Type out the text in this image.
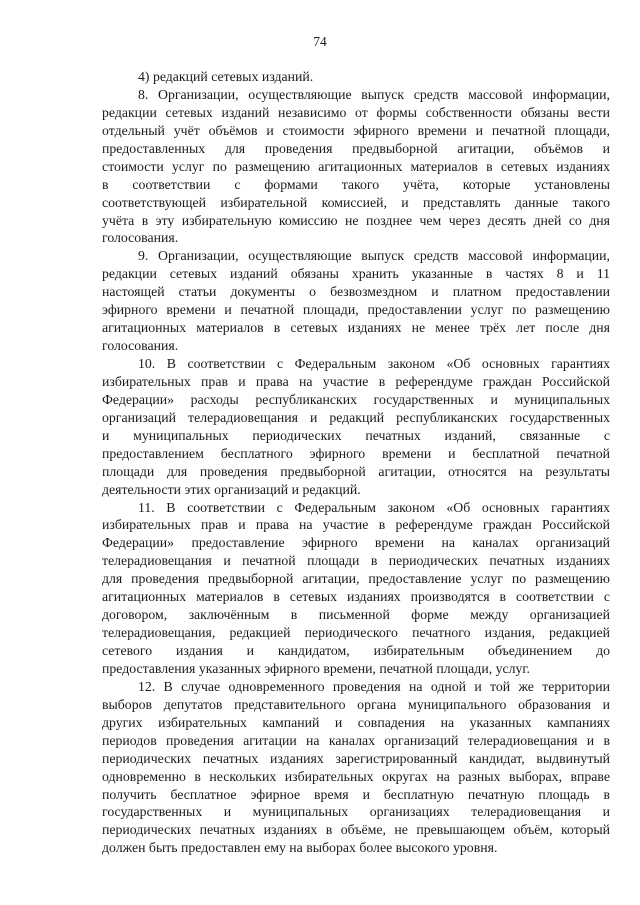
74
4) редакций сетевых изданий.
8. Организации, осуществляющие выпуск средств массовой информации,
редакции сетевых изданий независимо от формы собственности обязаны вести
отдельный учёт объёмов и стоимости эфирного времени и печатной площади,
предоставленных для проведения предвыборной агитации, объёмов и
стоимости услуг по размещению агитационных материалов в сетевых изданиях
в соответствии с формами такого учёта, которые установлены
соответствующей избирательной комиссией, и представлять данные такого
учёта в эту избирательную комиссию не позднее чем через десять дней со дня
голосования.
9. Организации, осуществляющие выпуск средств массовой информации,
редакции сетевых изданий обязаны хранить указанные в частях 8 и 11
настоящей статьи документы о безвозмездном и платном предоставлении
эфирного времени и печатной площади, предоставлении услуг по размещению
агитационных материалов в сетевых изданиях не менее трёх лет после дня
голосования.
10. В соответствии с Федеральным законом «Об основных гарантиях
избирательных прав и права на участие в референдуме граждан Российской
Федерации» расходы республиканских государственных и муниципальных
организаций телерадиовещания и редакций республиканских государственных
и муниципальных периодических печатных изданий, связанные с
предоставлением бесплатного эфирного времени и бесплатной печатной
площади для проведения предвыборной агитации, относятся на результаты
деятельности этих организаций и редакций.
11. В соответствии с Федеральным законом «Об основных гарантиях
избирательных прав и права на участие в референдуме граждан Российской
Федерации» предоставление эфирного времени на каналах организаций
телерадиовещания и печатной площади в периодических печатных изданиях
для проведения предвыборной агитации, предоставление услуг по размещению
агитационных материалов в сетевых изданиях производятся в соответствии с
договором, заключённым в письменной форме между организацией
телерадиовещания, редакцией периодического печатного издания, редакцией
сетевого издания и кандидатом, избирательным объединением до
предоставления указанных эфирного времени, печатной площади, услуг.
12. В случае одновременного проведения на одной и той же территории
выборов депутатов представительного органа муниципального образования и
других избирательных кампаний и совпадения на указанных кампаниях
периодов проведения агитации на каналах организаций телерадиовещания и в
периодических печатных изданиях зарегистрированный кандидат, выдвинутый
одновременно в нескольких избирательных округах на разных выборах, вправе
получить бесплатное эфирное время и бесплатную печатную площадь в
государственных и муниципальных организациях телерадиовещания и
периодических печатных изданиях в объёме, не превышающем объём, который
должен быть предоставлен ему на выборах более высокого уровня.
